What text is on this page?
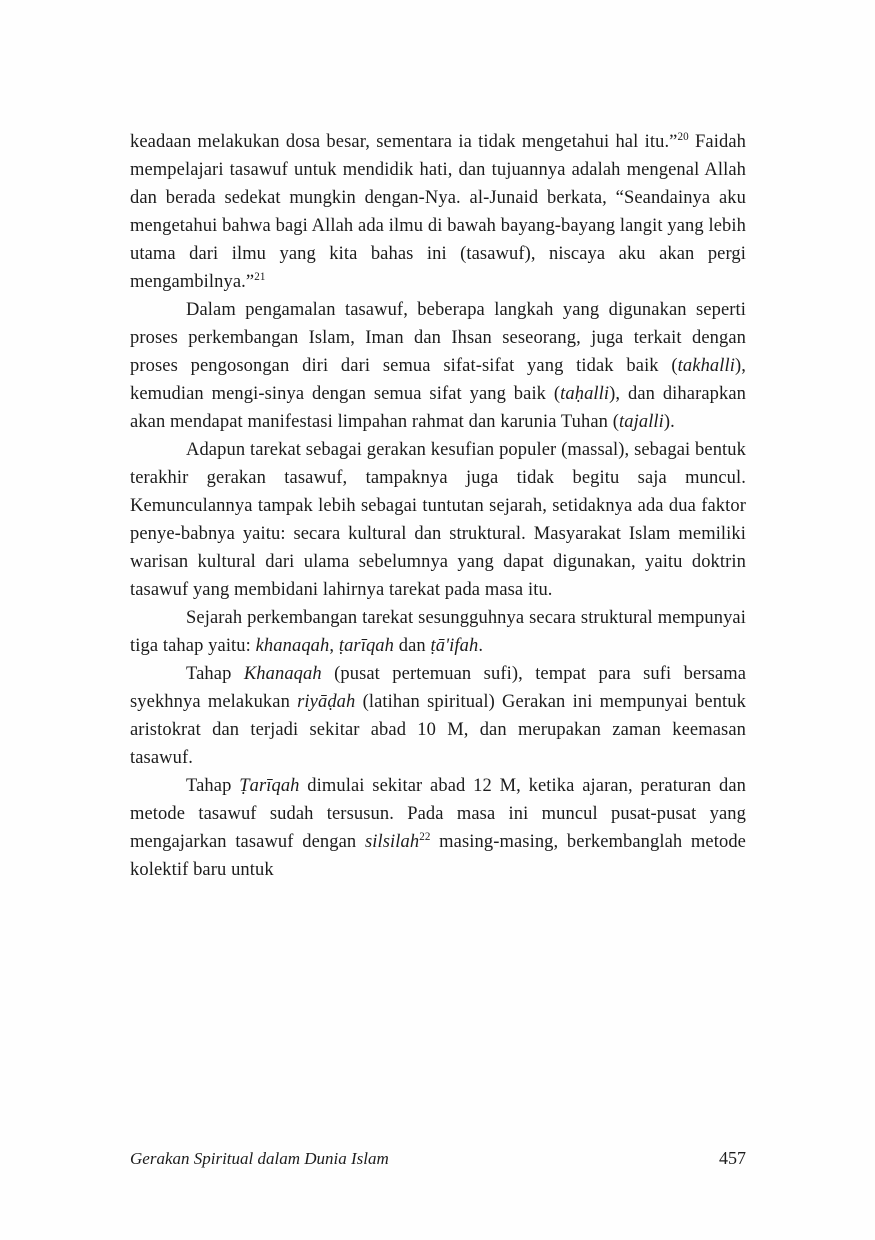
keadaan melakukan dosa besar, sementara ia tidak mengetahui hal itu.”$^{20}$ Faidah mempelajari tasawuf untuk mendidik hati, dan tujuannya adalah mengenal Allah dan berada sedekat mungkin dengan-Nya. al-Junaid berkata, “Seandainya aku mengetahui bahwa bagi Allah ada ilmu di bawah bayang-bayang langit yang lebih utama dari ilmu yang kita bahas ini (tasawuf), niscaya aku akan pergi mengambilnya.”$^{21}$

Dalam pengamalan tasawuf, beberapa langkah yang digunakan seperti proses perkembangan Islam, Iman dan Ihsan seseorang, juga terkait dengan proses pengosongan diri dari semua sifat-sifat yang tidak baik (takhalli), kemudian mengi-sinya dengan semua sifat yang baik (taḥalli), dan diharapkan akan mendapat manifestasi limpahan rahmat dan karunia Tuhan (tajalli).

Adapun tarekat sebagai gerakan kesufian populer (massal), sebagai bentuk terakhir gerakan tasawuf, tampaknya juga tidak begitu saja muncul. Kemunculannya tampak lebih sebagai tuntutan sejarah, setidaknya ada dua faktor penye-babnya yaitu: secara kultural dan struktural. Masyarakat Islam memiliki warisan kultural dari ulama sebelumnya yang dapat digunakan, yaitu doktrin tasawuf yang membidani lahirnya tarekat pada masa itu.

Sejarah perkembangan tarekat sesungguhnya secara struktural mempunyai tiga tahap yaitu: khanaqah, ṭarīqah dan ṭā'ifah.

Tahap Khanaqah (pusat pertemuan sufi), tempat para sufi bersama syekhnya melakukan riyāḍah (latihan spiritual) Gerakan ini mempunyai bentuk aristokrat dan terjadi sekitar abad 10 M, dan merupakan zaman keemasan tasawuf.

Tahap Ṭarīqah dimulai sekitar abad 12 M, ketika ajaran, peraturan dan metode tasawuf sudah tersusun. Pada masa ini muncul pusat-pusat yang mengajarkan tasawuf dengan silsilah$^{22}$ masing-masing, berkembanglah metode kolektif baru untuk

Gerakan Spiritual dalam Dunia Islam	457
